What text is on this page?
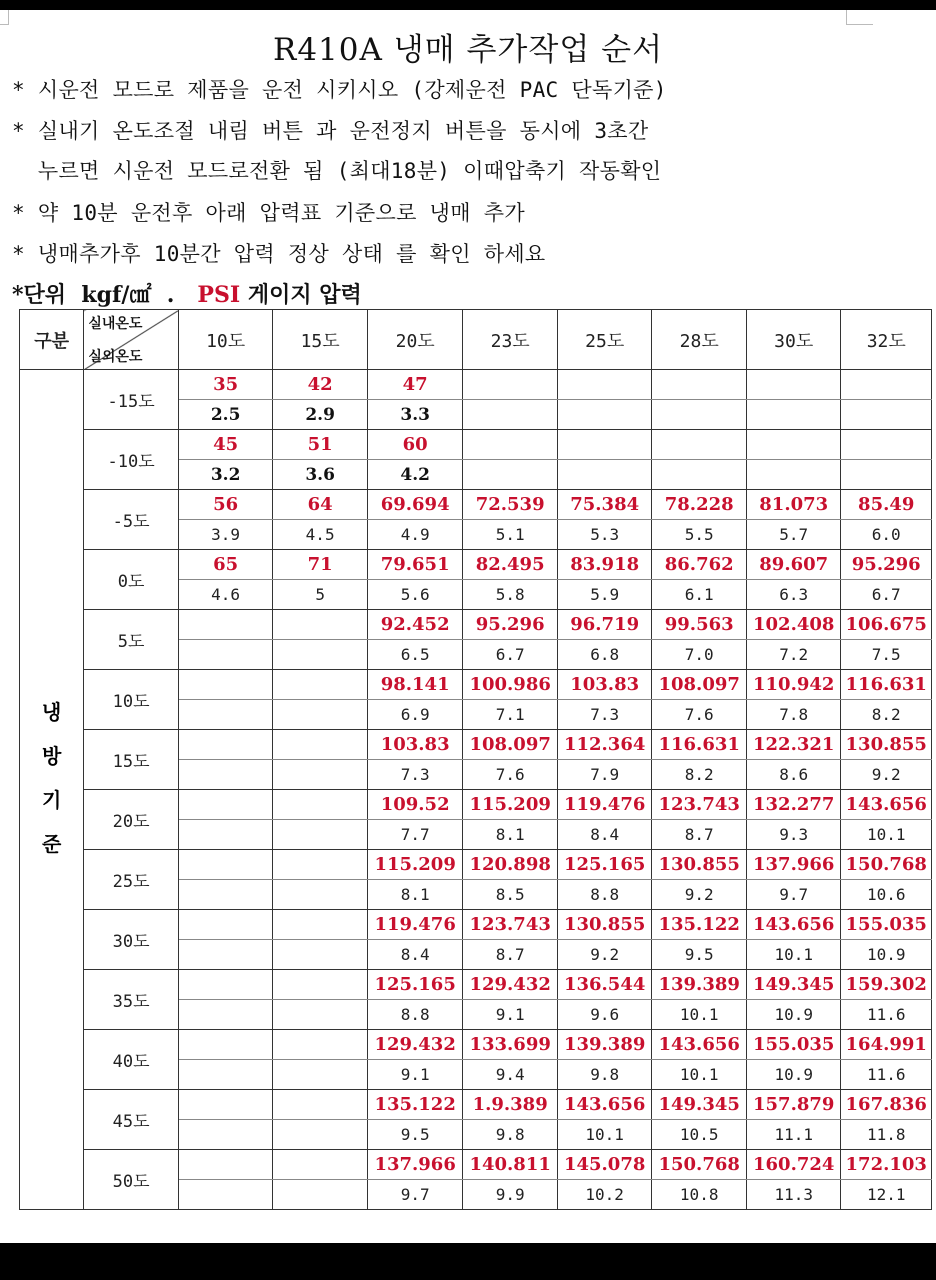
R410A 냉매 추가작업 순서
* 시운전 모드로 제품을 운전 시키시오 (강제운전 PAC 단독기준)
* 실내기 온도조절 내림 버튼 과 운전정지 버튼을 동시에 3초간
누르면 시운전 모드로전환 됨 (최대18분) 이때압축기 작동확인
* 약 10분 운전후 아래 압력표 기준으로 냉매 추가
* 냉매추가후 10분간 압력 정상 상태 를 확인 하세요
*단위  kgf/㎠  . PSI 게이지 압력
구분	실내온도
실외온도	10도	15도	20도	23도	25도	28도	30도	32도

냉
방
기
준	-15도	35	42	47					
		2.5	2.9	3.3					
	-10도	45	51	60					
		3.2	3.6	4.2					
	-5도	56	64	69.694	72.539	75.384	78.228	81.073	85.49
		3.9	4.5	4.9	5.1	5.3	5.5	5.7	6.0
	0도	65	71	79.651	82.495	83.918	86.762	89.607	95.296
		4.6	5	5.6	5.8	5.9	6.1	6.3	6.7
	5도			92.452	95.296	96.719	99.563	102.408	106.675
				6.5	6.7	6.8	7.0	7.2	7.5
	10도			98.141	100.986	103.83	108.097	110.942	116.631
				6.9	7.1	7.3	7.6	7.8	8.2
	15도			103.83	108.097	112.364	116.631	122.321	130.855
				7.3	7.6	7.9	8.2	8.6	9.2
	20도			109.52	115.209	119.476	123.743	132.277	143.656
				7.7	8.1	8.4	8.7	9.3	10.1
	25도			115.209	120.898	125.165	130.855	137.966	150.768
				8.1	8.5	8.8	9.2	9.7	10.6
	30도			119.476	123.743	130.855	135.122	143.656	155.035
				8.4	8.7	9.2	9.5	10.1	10.9
	35도			125.165	129.432	136.544	139.389	149.345	159.302
				8.8	9.1	9.6	10.1	10.9	11.6
	40도			129.432	133.699	139.389	143.656	155.035	164.991
				9.1	9.4	9.8	10.1	10.9	11.6
	45도			135.122	1.9.389	143.656	149.345	157.879	167.836
				9.5	9.8	10.1	10.5	11.1	11.8
	50도			137.966	140.811	145.078	150.768	160.724	172.103
				9.7	9.9	10.2	10.8	11.3	12.1
